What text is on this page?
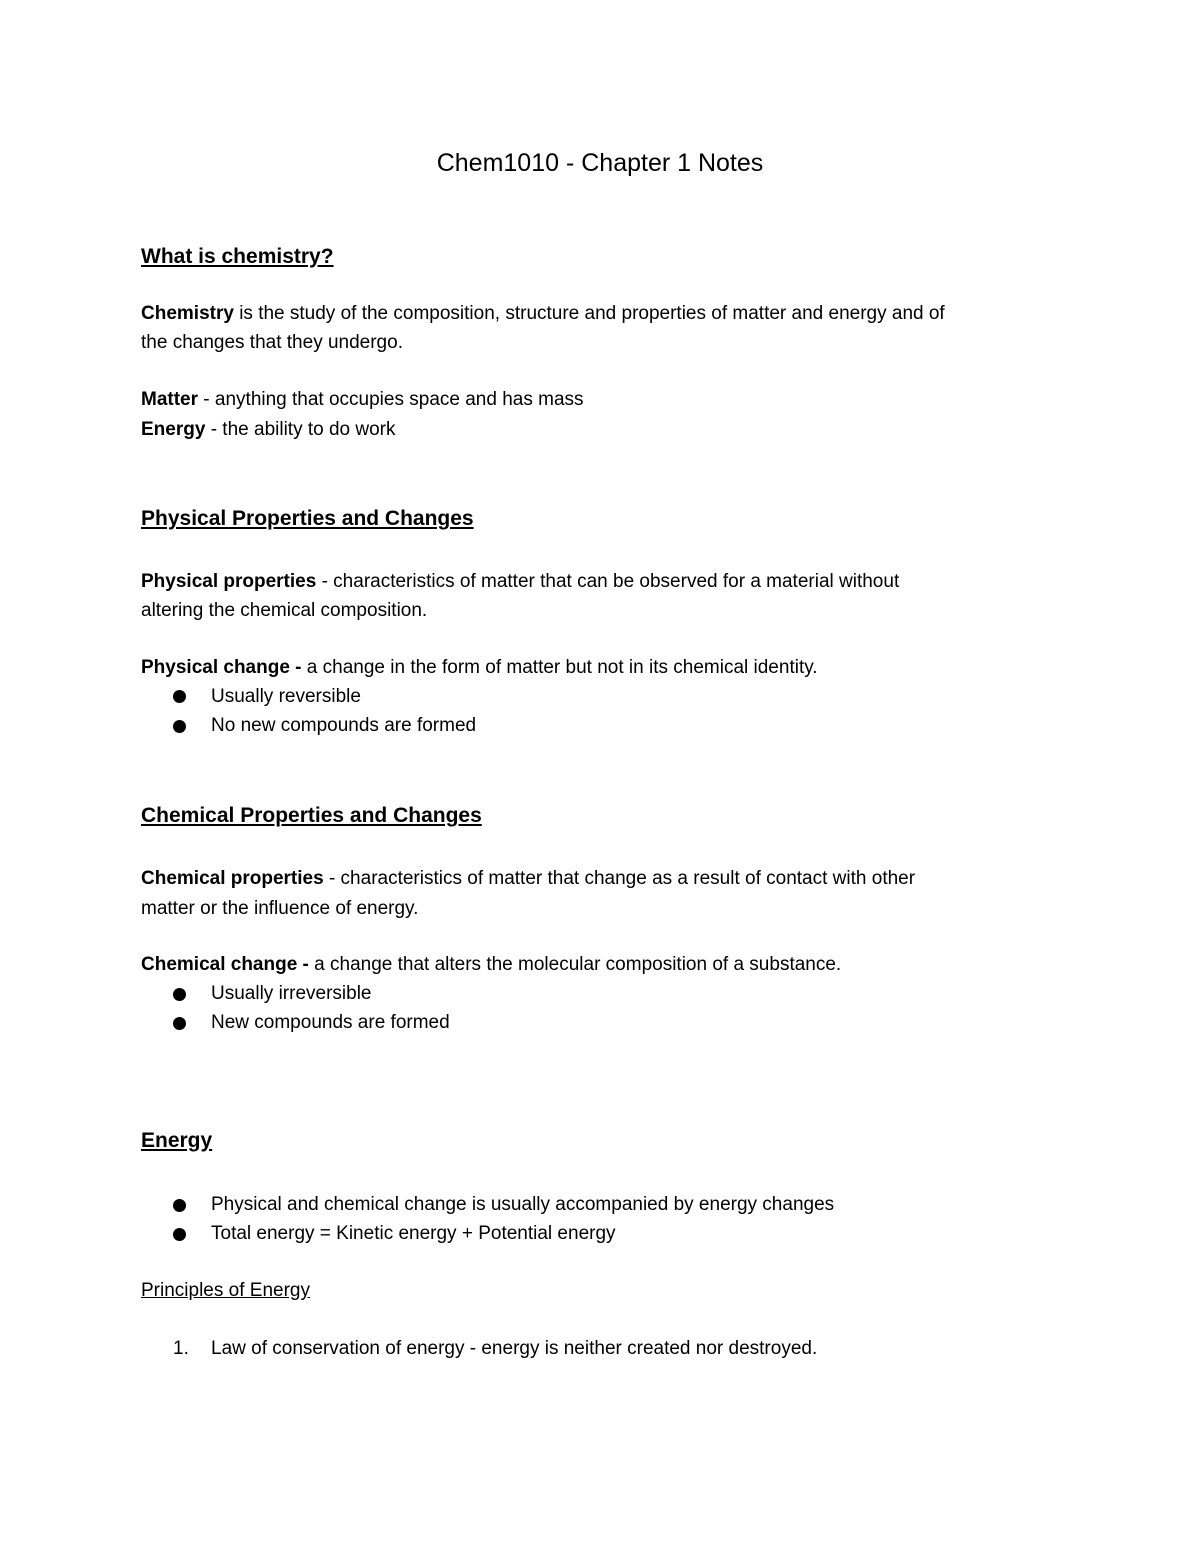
Chem1010 - Chapter 1 Notes
What is chemistry?
Chemistry is the study of the composition, structure and properties of matter and energy and of
the changes that they undergo.
Matter - anything that occupies space and has mass
Energy - the ability to do work
Physical Properties and Changes
Physical properties - characteristics of matter that can be observed for a material without
altering the chemical composition.
Physical change - a change in the form of matter but not in its chemical identity.
Usually reversible
No new compounds are formed
Chemical Properties and Changes
Chemical properties - characteristics of matter that change as a result of contact with other
matter or the influence of energy.
Chemical change - a change that alters the molecular composition of a substance.
Usually irreversible
New compounds are formed
Energy
Physical and chemical change is usually accompanied by energy changes
Total energy = Kinetic energy + Potential energy
Principles of Energy
1. Law of conservation of energy - energy is neither created nor destroyed.
